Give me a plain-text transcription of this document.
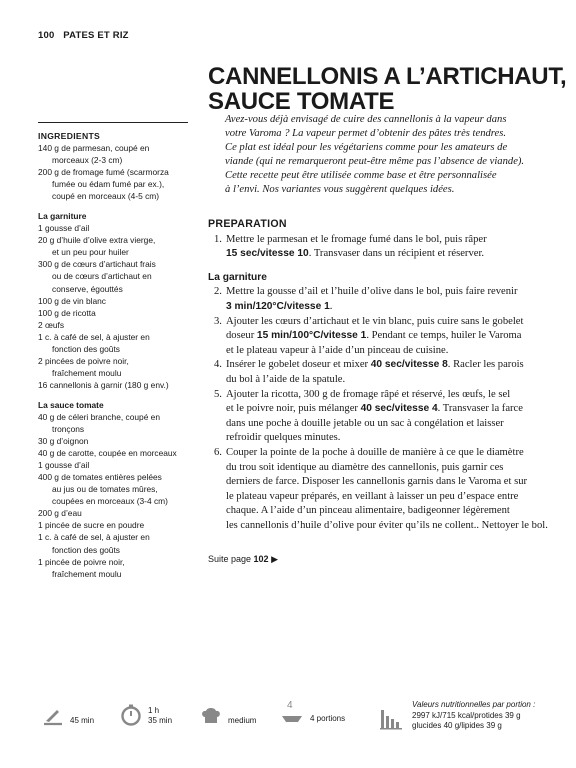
100 PATES ET RIZ
CANNELLONIS A L’ARTICHAUT,
SAUCE TOMATE
Avez-vous déjà envisagé de cuire des cannellonis à la vapeur dans
votre Varoma ? La vapeur permet d’obtenir des pâtes très tendres.
Ce plat est idéal pour les végétariens comme pour les amateurs de
viande (qui ne remarqueront peut-être même pas l’absence de viande).
Cette recette peut être utilisée comme base et être personnalisée
à l’envi. Nos variantes vous suggèrent quelques idées.
INGREDIENTS
140 g de parmesan, coupé en
morceaux (2-3 cm)
200 g de fromage fumé (scarmorza
fumée ou édam fumé par ex.),
coupé en morceaux (4-5 cm)
La garniture
1 gousse d’ail
20 g d’huile d’olive extra vierge,
et un peu pour huiler
300 g de cœurs d’artichaut frais
ou de cœurs d’artichaut en
conserve, égouttés
100 g de vin blanc
100 g de ricotta
2 œufs
1 c. à café de sel, à ajuster en
fonction des goûts
2 pincées de poivre noir,
fraîchement moulu
16 cannellonis à garnir (180 g env.)
La sauce tomate
40 g de céleri branche, coupé en
tronçons
30 g d’oignon
40 g de carotte, coupée en morceaux
1 gousse d’ail
400 g de tomates entières pelées
au jus ou de tomates mûres,
coupées en morceaux (3-4 cm)
200 g d’eau
1 pincée de sucre en poudre
1 c. à café de sel, à ajuster en
fonction des goûts
1 pincée de poivre noir,
fraîchement moulu
PREPARATION
1. Mettre le parmesan et le fromage fumé dans le bol, puis râper
15 sec/vitesse 10. Transvaser dans un récipient et réserver.
La garniture
2. Mettre la gousse d’ail et l’huile d’olive dans le bol, puis faire revenir
3 min/120°C/vitesse 1.
3. Ajouter les cœurs d’artichaut et le vin blanc, puis cuire sans le gobelet
doseur 15 min/100°C/vitesse 1. Pendant ce temps, huiler le Varoma
et le plateau vapeur à l’aide d’un pinceau de cuisine.
4. Insérer le gobelet doseur et mixer 40 sec/vitesse 8. Racler les parois
du bol à l’aide de la spatule.
5. Ajouter la ricotta, 300 g de fromage râpé et réservé, les œufs, le sel
et le poivre noir, puis mélanger 40 sec/vitesse 4. Transvaser la farce
dans une poche à douille jetable ou un sac à congélation et laisser
refroidir quelques minutes.
6. Couper la pointe de la poche à douille de manière à ce que le diamètre
du trou soit identique au diamètre des cannellonis, puis garnir ces
derniers de farce. Disposer les cannellonis garnis dans le Varoma et sur
le plateau vapeur préparés, en veillant à laisser un peu d’espace entre
chaque. A l’aide d’un pinceau alimentaire, badigeonner légèrement
les cannellonis d’huile d’olive pour éviter qu’ils ne collent.. Nettoyer le bol.
Suite page 102 ▶
45 min
1 h
35 min	medium
4
4 portions
Valeurs nutritionnelles par portion :
2997 kJ/715 kcal/protides 39 g
glucides 40 g/lipides 39 g
